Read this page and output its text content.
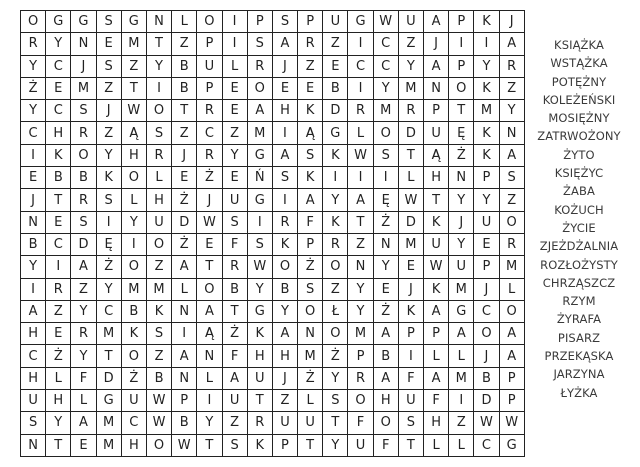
O	G	G	S	G	N	L	O	I	P	S	P	U	G	W	U	A	P	K	J
R	Y	N	E	M	T	Z	P	I	S	A	R	Z	I	C	Z	J	I	I	A
Y	C	J	S	Z	Y	B	U	L	R	J	Z	E	C	C	Y	A	P	Y	R
Ż	E	M	Z	T	I	B	P	E	O	E	E	B	I	Y	M	N	O	K	Z
Y	C	S	J	W	O	T	R	E	A	H	K	D	R	M	R	P	T	M	Y
C	H	R	Z	Ą	S	Z	C	Z	M	I	Ą	G	L	O	D	U	Ę	K	N
I	K	O	Y	H	R	J	R	Y	G	A	S	K	W	S	T	Ą	Ż	K	A
E	B	B	K	O	L	E	Ż	E	Ń	S	K	I	I	I	L	H	N	P	S
J	T	R	S	L	H	Ż	J	U	G	I	A	Y	A	Ę	W	T	Y	Y	Z
N	E	S	I	Y	U	D	W	S	I	R	F	K	T	Ż	D	K	J	U	O
B	C	D	Ę	I	O	Ż	E	F	S	K	P	R	Z	N	M	U	Y	E	R
Y	I	A	Ż	O	Z	A	T	R	W	O	Ż	O	N	Y	E	W	U	P	M
I	R	Z	Y	M	M	L	O	B	Y	B	S	Z	Y	E	J	K	M	J	L
A	Z	Y	C	B	K	N	A	T	G	Y	O	Ł	Y	Ż	K	A	G	C	O
H	E	R	M	K	S	I	Ą	Ż	K	A	N	O	M	A	P	P	A	O	A
C	Ż	Y	T	O	Z	A	N	F	H	H	M	Ż	P	B	I	L	L	J	A
H	L	F	D	Ż	B	N	L	A	U	J	Ż	Y	R	A	F	A	M	B	P
U	H	L	G	U	W	P	I	U	T	Z	L	S	O	H	U	F	I	D	P
S	Y	A	M	C	W	B	Y	Z	R	U	U	T	F	O	S	H	Z	W	W
N	T	E	M	H	O	W	T	S	K	P	T	Y	U	F	T	L	L	C	G
KSIĄŻKA
WSTĄŻKA
POTĘŻNY
KOLEŻEŃSKI
MOSIĘŻNY
ZATRWOŻONY
ŻYTO
KSIĘŻYC
ŻABA
KOŻUCH
ŻYCIE
ZJEŻDŻALNIA
ROZŁOŻYSTY
CHRZĄSZCZ
RZYM
ŻYRAFA
PISARZ
PRZEKĄSKA
JARZYNA
ŁYŻKA
